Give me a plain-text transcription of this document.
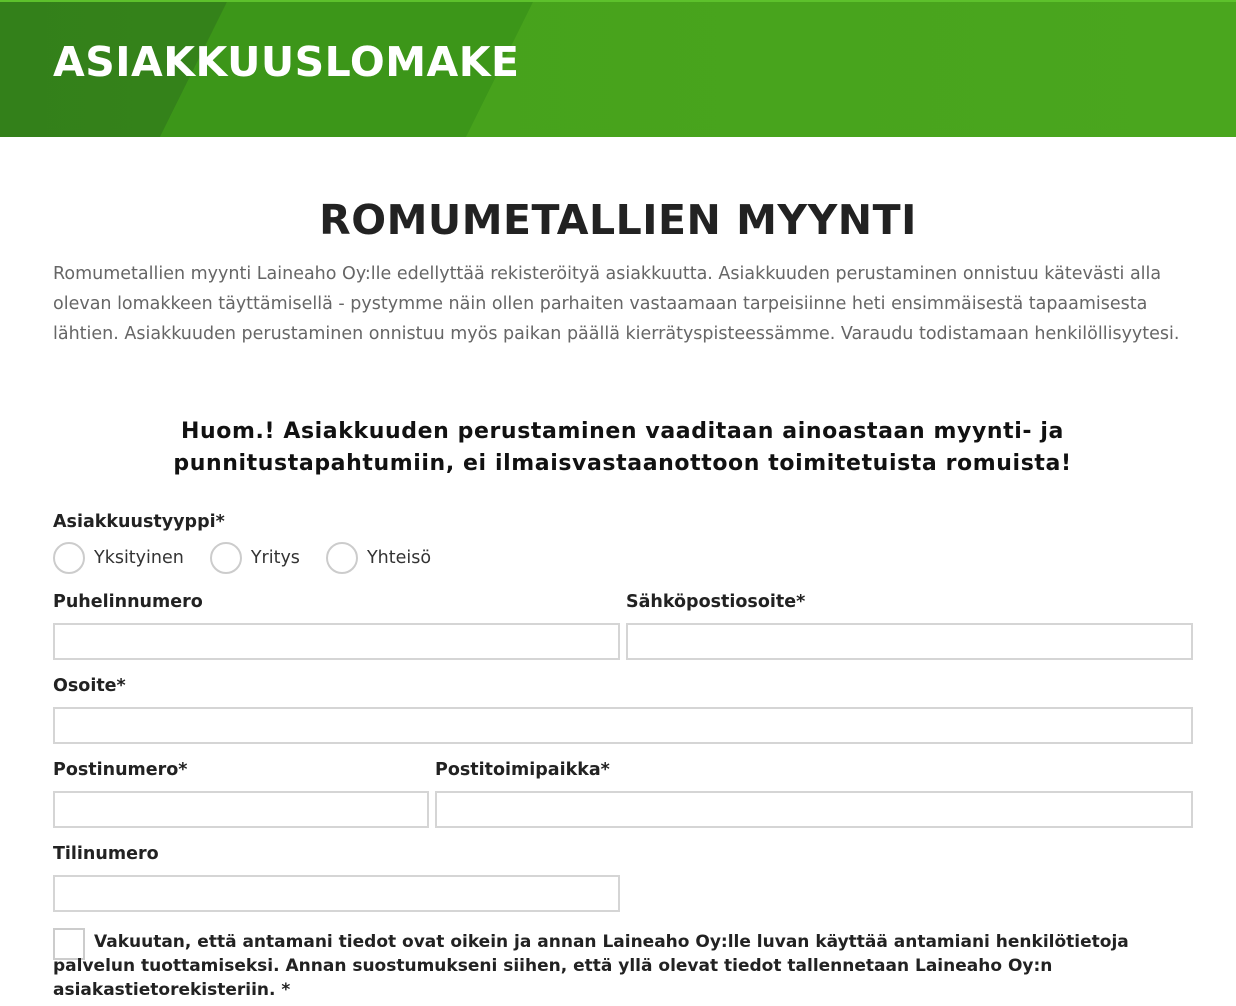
ASIAKKUUSLOMAKE
ROMUMETALLIEN MYYNTI

Romumetallien myynti Laineaho Oy:lle edellyttää rekisteröityä asiakkuutta. Asiakkuuden perustaminen onnistuu kätevästi alla olevan lomakkeen täyttämisellä - pystymme näin ollen parhaiten vastaamaan tarpeisiinne heti ensimmäisestä tapaamisesta lähtien. Asiakkuuden perustaminen onnistuu myös paikan päällä kierrätyspisteessämme. Varaudu todistamaan henkilöllisyytesi.

Huom.! Asiakkuuden perustaminen vaaditaan ainoastaan myynti- ja punnitustapahtumiin, ei ilmaisvastaanottoon toimitetuista romuista!

Asiakkuustyyppi*
Yksityinen	Yritys	Yhteisö
Puhelinnumero	Sähköpostiosoite*
Osoite*
Postinumero*	Postitoimipaikka*
Tilinumero

Vakuutan, että antamani tiedot ovat oikein ja annan Laineaho Oy:lle luvan käyttää antamiani henkilötietoja palvelun tuottamiseksi. Annan suostumukseni siihen, että yllä olevat tiedot tallennetaan Laineaho Oy:n asiakastietorekisteriin. *
